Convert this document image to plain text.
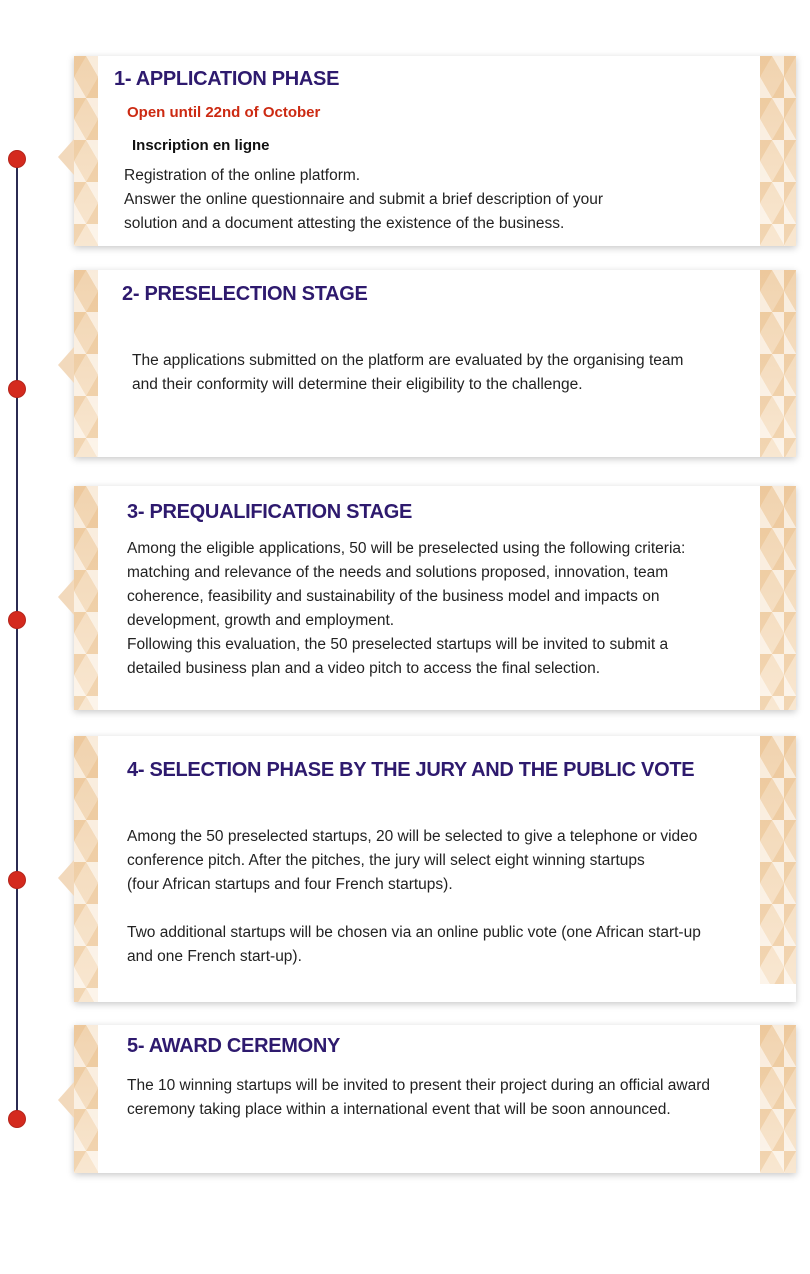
1- APPLICATION PHASE
Open until 22nd of October
Inscription en ligne
Registration of the online platform.
Answer the online questionnaire and submit a brief description of your
solution and a document attesting the existence of the business.
2- PRESELECTION STAGE
The applications submitted on the platform are evaluated by the organising team
and their conformity will determine their eligibility to the challenge.
3- PREQUALIFICATION STAGE
Among the eligible applications, 50 will be preselected using the following criteria:
matching and relevance of the needs and solutions proposed, innovation, team
coherence, feasibility and sustainability of the business model and impacts on
development, growth and employment.
Following this evaluation, the 50 preselected startups will be invited to submit a
detailed business plan and a video pitch to access the final selection.
4- SELECTION PHASE BY THE JURY AND THE PUBLIC VOTE
Among the 50 preselected startups, 20 will be selected to give a telephone or video
conference pitch. After the pitches, the jury will select eight winning startups
(four African startups and four French startups).

Two additional startups will be chosen via an online public vote (one African start-up
and one French start-up).
5- AWARD CEREMONY
The 10 winning startups will be invited to present their project during an official award
ceremony taking place within a international event that will be soon announced.
